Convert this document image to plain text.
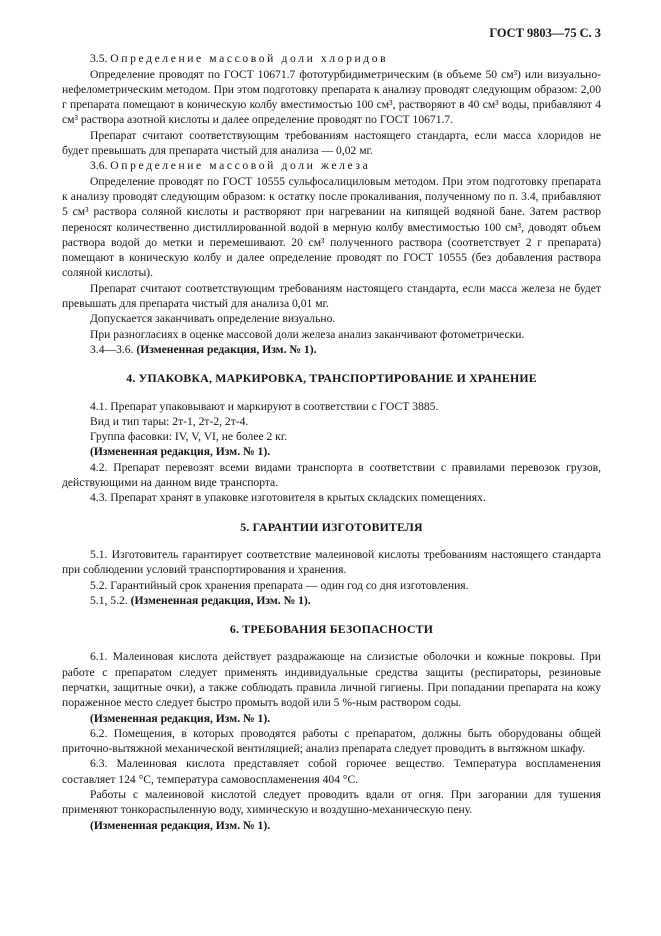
ГОСТ 9803—75 С. 3

3.5. Определение массовой доли хлоридов

Определение проводят по ГОСТ 10671.7 фототурбидиметрическим (в объеме 50 см³) или визуально-нефелометрическим методом. При этом подготовку препарата к анализу проводят следующим образом: 2,00 г препарата помещают в коническую колбу вместимостью 100 см³, растворяют в 40 см³ воды, прибавляют 4 см³ раствора азотной кислоты и далее определение проводят по ГОСТ 10671.7.

Препарат считают соответствующим требованиям настоящего стандарта, если масса хлоридов не будет превышать для препарата чистый для анализа — 0,02 мг.

3.6. Определение массовой доли железа

Определение проводят по ГОСТ 10555 сульфосалициловым методом. При этом подготовку препарата к анализу проводят следующим образом: к остатку после прокаливания, полученному по п. 3.4, прибавляют 5 см³ раствора соляной кислоты и растворяют при нагревании на кипящей водяной бане. Затем раствор переносят количественно дистиллированной водой в мерную колбу вместимостью 100 см³, доводят объем раствора водой до метки и перемешивают. 20 см³ полученного раствора (соответствует 2 г препарата) помещают в коническую колбу и далее определение проводят по ГОСТ 10555 (без добавления раствора соляной кислоты).

Препарат считают соответствующим требованиям настоящего стандарта, если масса железа не будет превышать для препарата чистый для анализа 0,01 мг.

Допускается заканчивать определение визуально.

При разногласиях в оценке массовой доли железа анализ заканчивают фотометрически.

3.4—3.6. (Измененная редакция, Изм. № 1).

4. УПАКОВКА, МАРКИРОВКА, ТРАНСПОРТИРОВАНИЕ И ХРАНЕНИЕ

4.1. Препарат упаковывают и маркируют в соответствии с ГОСТ 3885.

Вид и тип тары: 2т-1, 2т-2, 2т-4.

Группа фасовки: IV, V, VI, не более 2 кг.

(Измененная редакция, Изм. № 1).

4.2. Препарат перевозят всеми видами транспорта в соответствии с правилами перевозок грузов, действующими на данном виде транспорта.

4.3. Препарат хранят в упаковке изготовителя в крытых складских помещениях.

5. ГАРАНТИИ ИЗГОТОВИТЕЛЯ

5.1. Изготовитель гарантирует соответствие малеиновой кислоты требованиям настоящего стандарта при соблюдении условий транспортирования и хранения.

5.2. Гарантийный срок хранения препарата — один год со дня изготовления.

5.1, 5.2. (Измененная редакция, Изм. № 1).

6. ТРЕБОВАНИЯ БЕЗОПАСНОСТИ

6.1. Малеиновая кислота действует раздражающе на слизистые оболочки и кожные покровы. При работе с препаратом следует применять индивидуальные средства защиты (респираторы, резиновые перчатки, защитные очки), а также соблюдать правила личной гигиены. При попадании препарата на кожу пораженное место следует быстро промыть водой или 5 %-ным раствором соды.

(Измененная редакция, Изм. № 1).

6.2. Помещения, в которых проводятся работы с препаратом, должны быть оборудованы общей приточно-вытяжной механической вентиляцией; анализ препарата следует проводить в вытяжном шкафу.

6.3. Малеиновая кислота представляет собой горючее вещество. Температура воспламенения составляет 124 °С, температура самовоспламенения 404 °С.

Работы с малеиновой кислотой следует проводить вдали от огня. При загорании для тушения применяют тонкораспыленную воду, химическую и воздушно-механическую пену.

(Измененная редакция, Изм. № 1).
